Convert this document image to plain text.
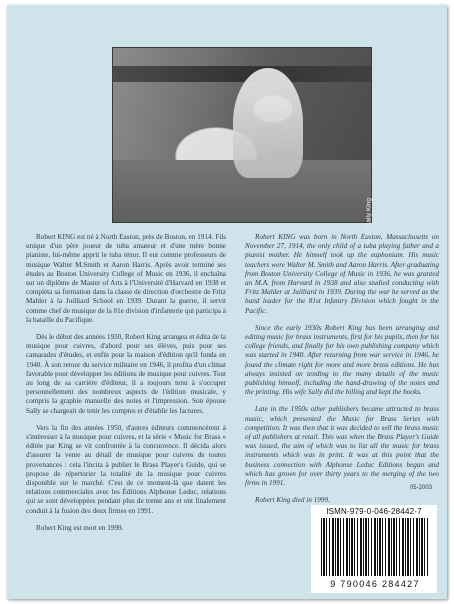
Photo : Sally King

Robert KING est né à North Easton, près de Boston, en 1914. Fils unique d'un père joueur de tuba amateur et d'une mère bonne pianiste, lui-même apprit le tuba ténor. Il eut comme professeurs de musique Walter M.Smith et Aaron Harris. Après avoir terminé ses études au Boston University College of Music en 1936, il enchaîna sur un diplôme de Master of Arts à l'Université d'Harvard en 1938 et compléta sa formation dans la classe de direction d'orchestre de Fritz Mahler à la Juilliard School en 1939. Durant la guerre, il servit comme chef de musique de la 81e division d'infanterie qui participa à la bataille du Pacifique.

Dès le début des années 1930, Robert King arrangea et édita de la musique pour cuivres, d'abord pour ses élèves, puis pour ses camarades d'études, et enfin pour la maison d'édition qu'il fonda en 1940. À son retour du service militaire en 1946, il profita d'un climat favorable pour développer les éditions de musique pour cuivres. Tout au long de sa carrière d'éditeur, il a toujours tenu à s'occuper personnellement des nombreux aspects de l'édition musicale, y compris la graphie manuelle des notes et l'impression. Son épouse Sally se chargeait de tenir les comptes et d'établir les factures.

Vers la fin des années 1950, d'autres éditeurs commencèrent à s'intéresser à la musique pour cuivres, et la série « Music for Brass » éditée par King se vit confrontée à la concurrence. Il décida alors d'assurer la vente au détail de musique pour cuivres de toutes provenances : cela l'incita à publier le Brass Player's Guide, qui se propose de répertorier la totalité de la musique pour cuivres disponible sur le marché. C'est de ce moment-là que datent les relations commerciales avec les Éditions Alphonse Leduc, relations qui se sont développées pendant plus de trente ans et ont finalement conduit à la fusion des deux firmes en 1991.

Robert King est mort en 1999.

Robert KING was born in North Easton, Massachusetts on November 27, 1914, the only child of a tuba playing father and a pianist mother. He himself took up the euphonium. His music teachers were Walter M. Smith and Aaron Harris. After graduating from Boston University College of Music in 1936, he was granted an M.A. from Harvard in 1938 and also studied conducting with Fritz Mahler at Juilliard in 1939. During the war he served as the band leader for the 81st Infantry Division which fought in the Pacific.

Since the early 1930s Robert King has been arranging and editing music for brass instruments, first for his pupils, then for his college friends, and finally for his own publishing company which was started in 1940. After returning from war service in 1946, he found the climate right for more and more brass editions. He has always insisted on tending to the many details of the music publishing himself, including the hand-drawing of the notes and the printing. His wife Sally did the billing and kept the books.

Late in the 1950s other publishers became attracted to brass music, which presented the Music for Brass Series with competition. It was then that it was decided to sell the brass music of all publishers at retail. This was when the Brass Player's Guide was issued, the aim of which was to list all the music for brass instruments which was in print. It was at this point that the business connection with Alphonse Leduc Editions began and which has grown for over thirty years to the merging of the two firms in 1991.

Robert King died in 1999.

05-2003
ISMN-979-0-046-28442-7
9 790046 284427
